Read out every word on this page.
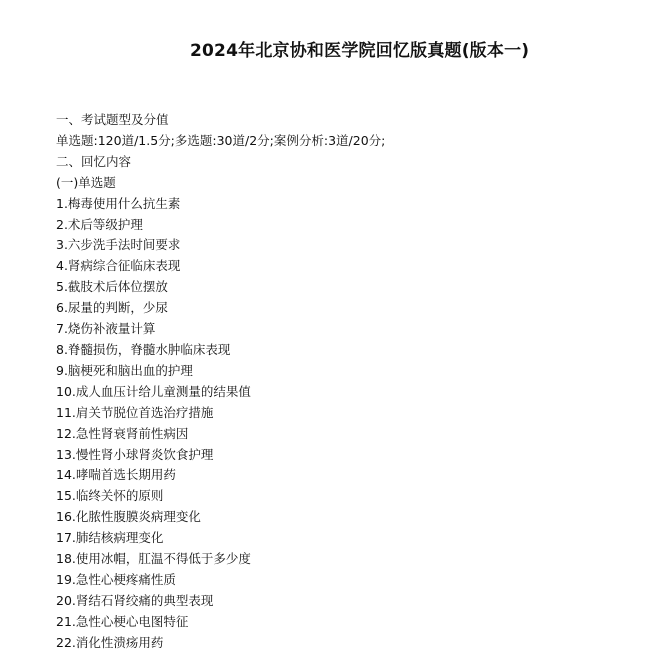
2024年北京协和医学院回忆版真题(版本一)
一、考试题型及分值
单选题:120道/1.5分;多选题:30道/2分;案例分析:3道/20分;
二、回忆内容
(一)单选题
1.梅毒使用什么抗生素
2.术后等级护理
3.六步洗手法时间要求
4.肾病综合征临床表现
5.截肢术后体位摆放
6.尿量的判断，少尿
7.烧伤补液量计算
8.脊髓损伤，脊髓水肿临床表现
9.脑梗死和脑出血的护理
10.成人血压计给儿童测量的结果值
11.肩关节脱位首选治疗措施
12.急性肾衰肾前性病因
13.慢性肾小球肾炎饮食护理
14.哮喘首选长期用药
15.临终关怀的原则
16.化脓性腹膜炎病理变化
17.肺结核病理变化
18.使用冰帽，肛温不得低于多少度
19.急性心梗疼痛性质
20.肾结石肾绞痛的典型表现
21.急性心梗心电图特征
22.消化性溃疡用药
